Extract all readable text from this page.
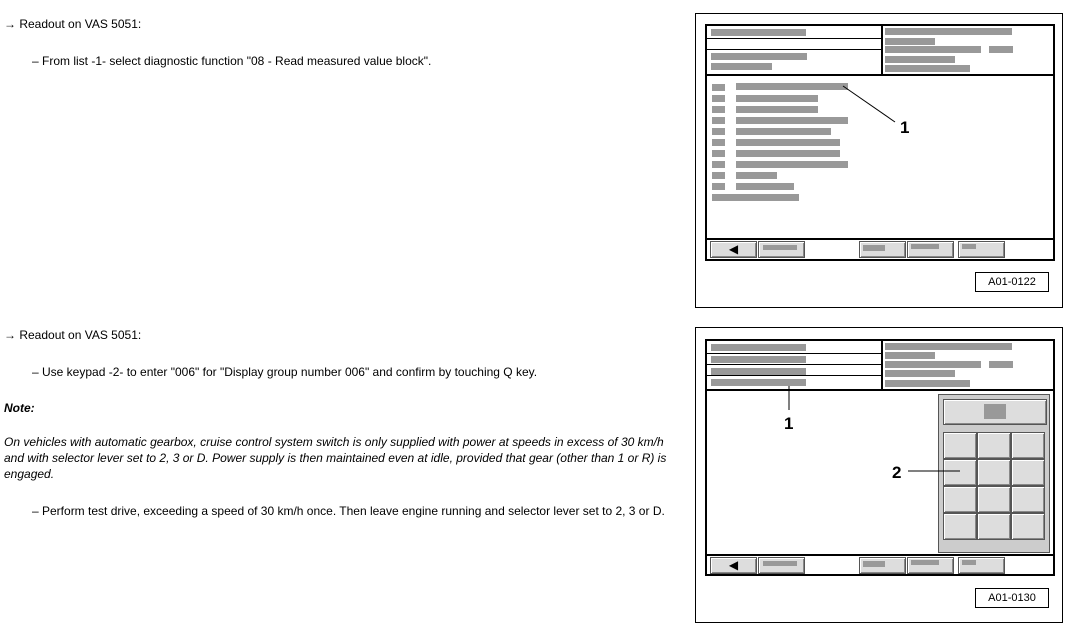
→ Readout on VAS 5051:
– From list -1- select diagnostic function "08 - Read measured value block".
→ Readout on VAS 5051:
– Use keypad -2- to enter "006" for "Display group number 006" and confirm by touching Q key.
Note:
On vehicles with automatic gearbox, cruise control system switch is only supplied with power at speeds in excess of 30 km/h and with selector lever set to 2, 3 or D. Power supply is then maintained even at idle, provided that gear (other than 1 or R) is engaged.
– Perform test drive, exceeding a speed of 30 km/h once. Then leave engine running and selector lever set to 2, 3 or D.
◀
1
A01-0122
◀
1
2
A01-0130
